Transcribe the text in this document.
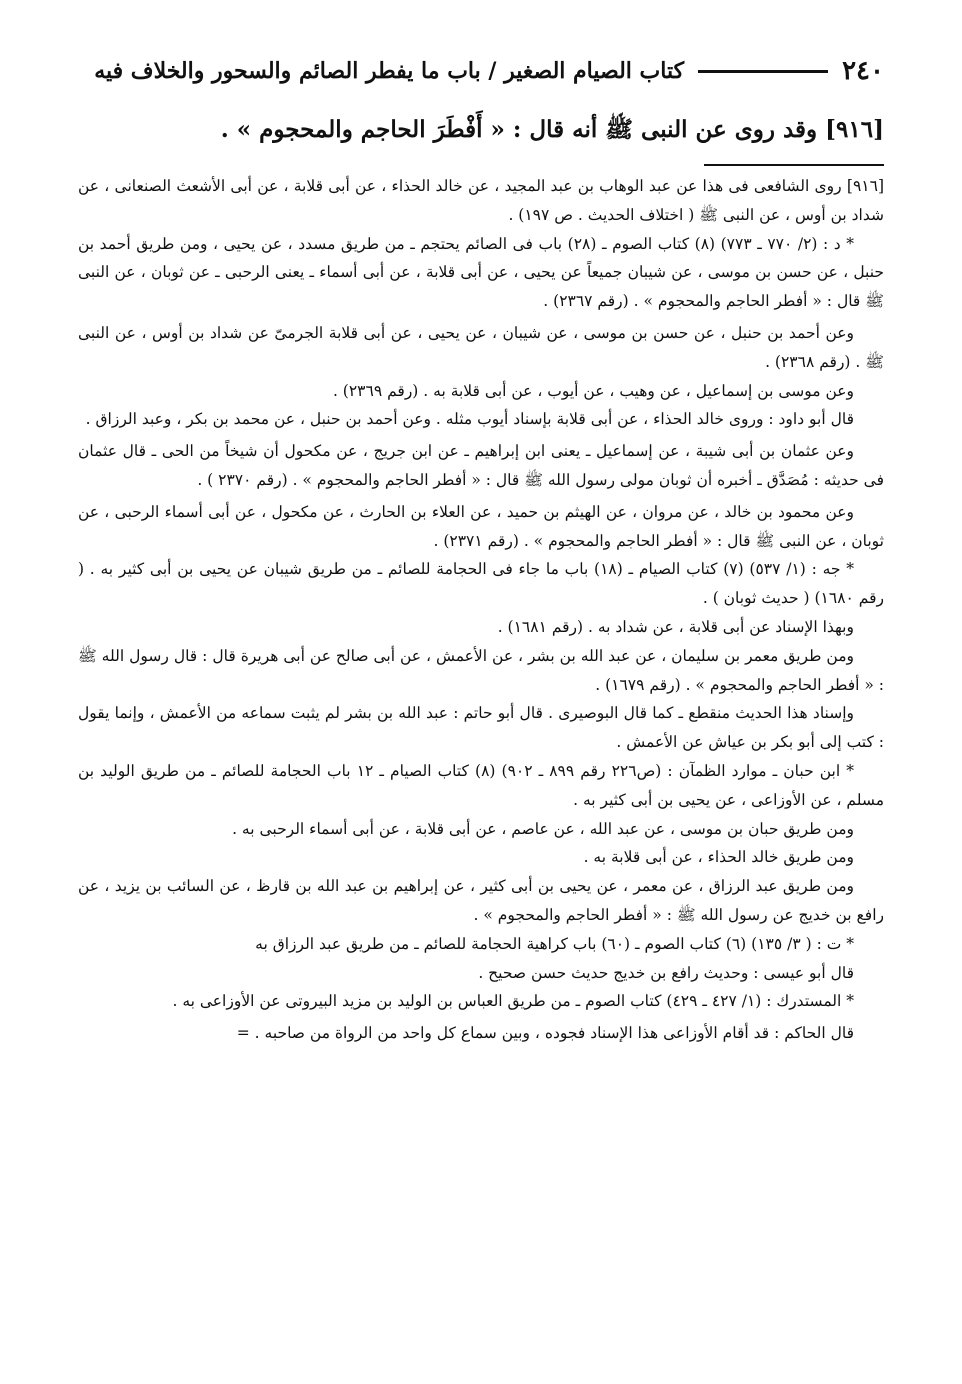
٢٤٠
كتاب الصيام الصغير / باب ما يفطر الصائم والسحور والخلاف فيه
[٩١٦] وقد روى عن النبى ﷺ أنه قال : « أَفْطَرَ الحاجم والمحجوم » .

[٩١٦] روى الشافعى فى هذا عن عبد الوهاب بن عبد المجيد ، عن خالد الحذاء ، عن أبى قلابة ، عن أبى الأشعث الصنعانى ، عن شداد بن أوس ، عن النبى ﷺ ( اختلاف الحديث . ص ١٩٧) .

* د : (٢/ ٧٧٠ ـ ٧٧٣) (٨) كتاب الصوم ـ (٢٨) باب فى الصائم يحتجم ـ من طريق مسدد ، عن يحيى ، ومن طريق أحمد بن حنبل ، عن حسن بن موسى ، عن شيبان جميعاً عن يحيى ، عن أبى قلابة ، عن أبى أسماء ـ يعنى الرحبى ـ عن ثوبان ، عن النبى ﷺ قال : « أفطر الحاجم والمحجوم » . (رقم ٢٣٦٧) .

وعن أحمد بن حنبل ، عن حسن بن موسى ، عن شيبان ، عن يحيى ، عن أبى قلابة الجرمىّ عن شداد بن أوس ، عن النبى ﷺ . (رقم ٢٣٦٨) .

وعن موسى بن إسماعيل ، عن وهيب ، عن أيوب ، عن أبى قلابة به . (رقم ٢٣٦٩) .

قال أبو داود : وروى خالد الحذاء ، عن أبى قلابة بإسناد أيوب مثله . وعن أحمد بن حنبل ، عن محمد بن بكر ، وعبد الرزاق .

وعن عثمان بن أبى شيبة ، عن إسماعيل ـ يعنى ابن إبراهيم ـ عن ابن جريج ، عن مكحول أن شيخاً من الحى ـ قال عثمان فى حديثه : مُصَدَّق ـ أخبره أن ثوبان مولى رسول الله ﷺ قال : « أفطر الحاجم والمحجوم » . (رقم ٢٣٧٠ ) .

وعن محمود بن خالد ، عن مروان ، عن الهيثم بن حميد ، عن العلاء بن الحارث ، عن مكحول ، عن أبى أسماء الرحبى ، عن ثوبان ، عن النبى ﷺ قال : « أفطر الحاجم والمحجوم » . (رقم ٢٣٧١) .

* جه : (١/ ٥٣٧) (٧) كتاب الصيام ـ (١٨) باب ما جاء فى الحجامة للصائم ـ من طريق شيبان عن يحيى بن أبى كثير به . ( رقم ١٦٨٠) ( حديث ثوبان ) .

وبهذا الإسناد عن أبى قلابة ، عن شداد به . (رقم ١٦٨١) .

ومن طريق معمر بن سليمان ، عن عبد الله بن بشر ، عن الأعمش ، عن أبى صالح عن أبى هريرة قال : قال رسول الله ﷺ : « أفطر الحاجم والمحجوم » . (رقم ١٦٧٩) .

وإسناد هذا الحديث منقطع ـ كما قال البوصيرى . قال أبو حاتم : عبد الله بن بشر لم يثبت سماعه من الأعمش ، وإنما يقول : كتب إلى أبو بكر بن عياش عن الأعمش .

* ابن حبان ـ موارد الظمآن : (ص٢٢٦ رقم ٨٩٩ ـ ٩٠٢) (٨) كتاب الصيام ـ ١٢ باب الحجامة للصائم ـ من طريق الوليد بن مسلم ، عن الأوزاعى ، عن يحيى بن أبى كثير به .

ومن طريق حبان بن موسى ، عن عبد الله ، عن عاصم ، عن أبى قلابة ، عن أبى أسماء الرحبى به .

ومن طريق خالد الحذاء ، عن أبى قلابة به .

ومن طريق عبد الرزاق ، عن معمر ، عن يحيى بن أبى كثير ، عن إبراهيم بن عبد الله بن قارظ ، عن السائب بن يزيد ، عن رافع بن خديج عن رسول الله ﷺ : « أفطر الحاجم والمحجوم » .

* ت : ( ٣/ ١٣٥) (٦) كتاب الصوم ـ (٦٠) باب كراهية الحجامة للصائم ـ من طريق عبد الرزاق به

قال أبو عيسى : وحديث رافع بن خديج حديث حسن صحيح .

* المستدرك : (١/ ٤٢٧ ـ ٤٢٩) كتاب الصوم ـ من طريق العباس بن الوليد بن مزيد البيروتى عن الأوزاعى به .

قال الحاكم : قد أقام الأوزاعى هذا الإسناد فجوده ، وبين سماع كل واحد من الرواة من صاحبه . =
